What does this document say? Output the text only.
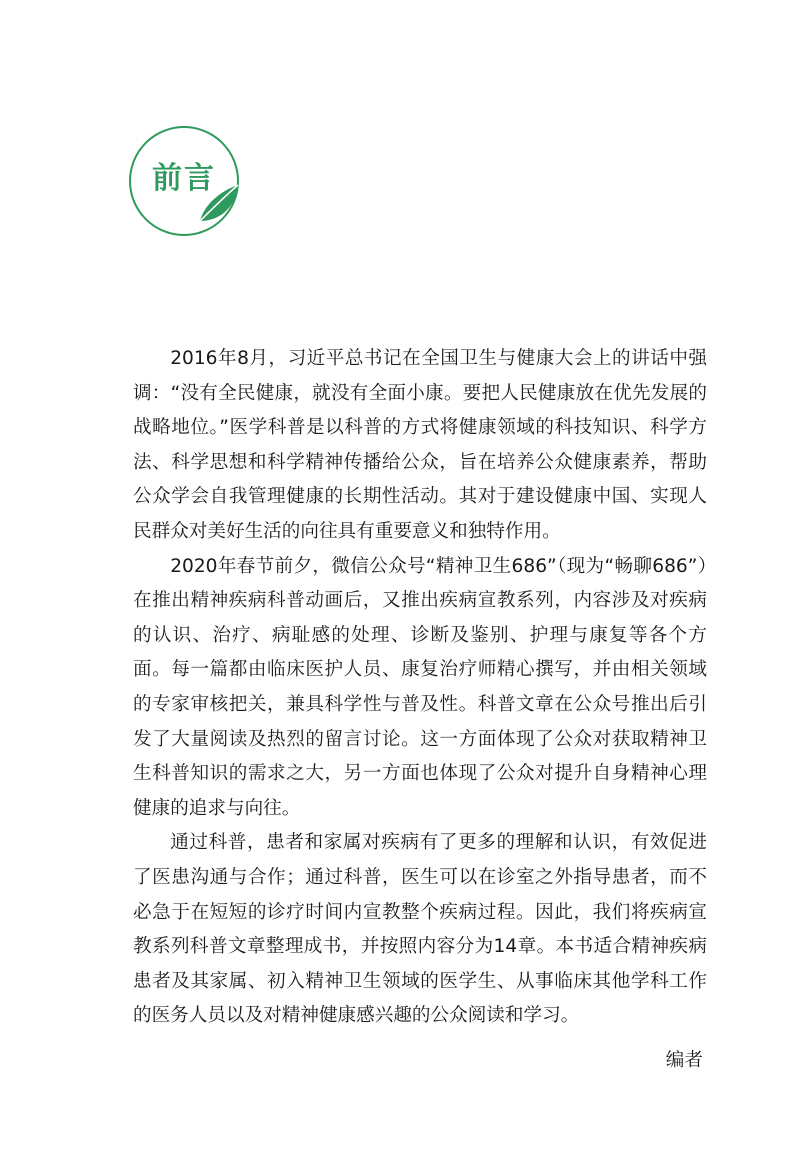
前言

2016年8月，习近平总书记在全国卫生与健康大会上的讲话中强调：“没有全民健康，就没有全面小康。要把人民健康放在优先发展的战略地位。”医学科普是以科普的方式将健康领域的科技知识、科学方法、科学思想和科学精神传播给公众，旨在培养公众健康素养，帮助公众学会自我管理健康的长期性活动。其对于建设健康中国、实现人民群众对美好生活的向往具有重要意义和独特作用。

2020年春节前夕，微信公众号“精神卫生686”（现为“畅聊686”）在推出精神疾病科普动画后，又推出疾病宣教系列，内容涉及对疾病的认识、治疗、病耻感的处理、诊断及鉴别、护理与康复等各个方面。每一篇都由临床医护人员、康复治疗师精心撰写，并由相关领域的专家审核把关，兼具科学性与普及性。科普文章在公众号推出后引发了大量阅读及热烈的留言讨论。这一方面体现了公众对获取精神卫生科普知识的需求之大，另一方面也体现了公众对提升自身精神心理健康的追求与向往。

通过科普，患者和家属对疾病有了更多的理解和认识，有效促进了医患沟通与合作；通过科普，医生可以在诊室之外指导患者，而不必急于在短短的诊疗时间内宣教整个疾病过程。因此，我们将疾病宣教系列科普文章整理成书，并按照内容分为14章。本书适合精神疾病患者及其家属、初入精神卫生领域的医学生、从事临床其他学科工作的医务人员以及对精神健康感兴趣的公众阅读和学习。

编者
